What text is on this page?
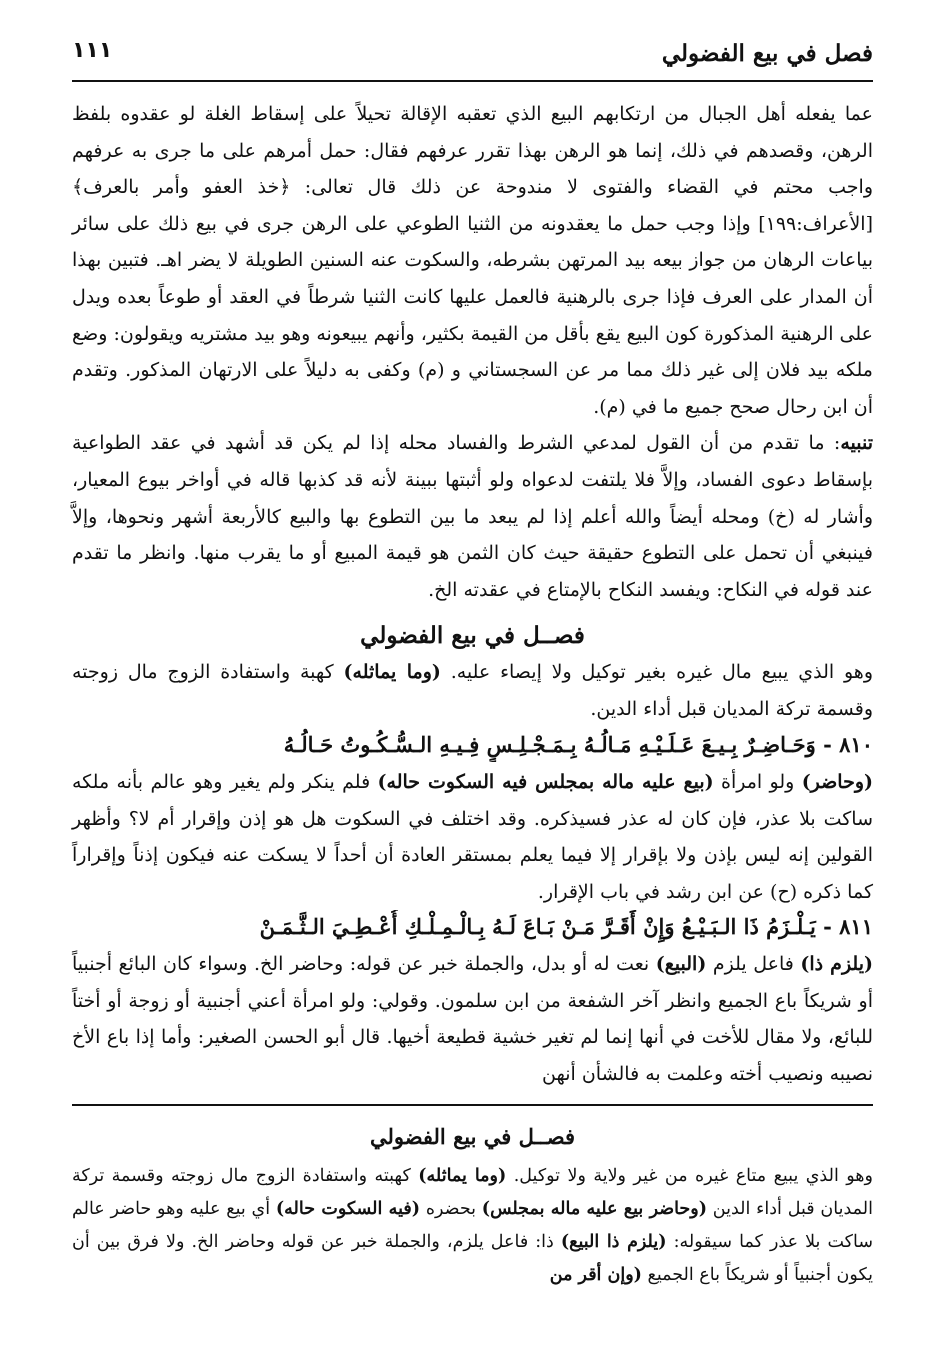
فصل في بيع الفضولي
١١١

عما يفعله أهل الجبال من ارتكابهم البيع الذي تعقبه الإقالة تحيلاً على إسقاط الغلة لو عقدوه بلفظ الرهن، وقصدهم في ذلك، إنما هو الرهن بهذا تقرر عرفهم فقال: حمل أمرهم على ما جرى به عرفهم واجب محتم في القضاء والفتوى لا مندوحة عن ذلك قال تعالى: ﴿خذ العفو وأمر بالعرف﴾ [الأعراف:١٩٩] وإذا وجب حمل ما يعقدونه من الثنيا الطوعي على الرهن جرى في بيع ذلك على سائر بياعات الرهان من جواز بيعه بيد المرتهن بشرطه، والسكوت عنه السنين الطويلة لا يضر اهـ. فتبين بهذا أن المدار على العرف فإذا جرى بالرهنية فالعمل عليها كانت الثنيا شرطاً في العقد أو طوعاً بعده ويدل على الرهنية المذكورة كون البيع يقع بأقل من القيمة بكثير، وأنهم يبيعونه وهو بيد مشتريه ويقولون: وضع ملكه بيد فلان إلى غير ذلك مما مر عن السجستاني و (م) وكفى به دليلاً على الارتهان المذكور. وتقدم أن ابن رحال صحح جميع ما في (م).

تنبيه: ما تقدم من أن القول لمدعي الشرط والفساد محله إذا لم يكن قد أشهد في عقد الطواعية بإسقاط دعوى الفساد، وإلاَّ فلا يلتفت لدعواه ولو أثبتها ببينة لأنه قد كذبها قاله في أواخر بيوع المعيار، وأشار له (خ) ومحله أيضاً والله أعلم إذا لم يبعد ما بين التطوع بها والبيع كالأربعة أشهر ونحوها، وإلاَّ فينبغي أن تحمل على التطوع حقيقة حيث كان الثمن هو قيمة المبيع أو ما يقرب منها. وانظر ما تقدم عند قوله في النكاح: ويفسد النكاح بالإمتاع في عقدته الخ.

فصــل في بيع الفضولي

وهو الذي يبيع مال غيره بغير توكيل ولا إيصاء عليه. (وما يماثله) كهبة واستفادة الزوج مال زوجته وقسمة تركة المديان قبل أداء الدين.

٨١٠ - وَحَـاضِـرٌ بِـيـعَ عَـلَـيْـهِ مَـالُـهُ بِـمَـجْـلِـسٍ فِـيـهِ الـسُّـكُـوتُ حَـالُـهُ

(وحاضر) ولو امرأة (بيع عليه ماله بمجلس فيه السكوت حاله) فلم ينكر ولم يغير وهو عالم بأنه ملكه ساكت بلا عذر، فإن كان له عذر فسيذكره. وقد اختلف في السكوت هل هو إذن وإقرار أم لا؟ وأظهر القولين إنه ليس بإذن ولا بإقرار إلا فيما يعلم بمستقر العادة أن أحداً لا يسكت عنه فيكون إذناً وإقراراً كما ذكره (ح) عن ابن رشد في باب الإقرار.

٨١١ - يَـلْـزَمُ ذَا الـبَـيْـعُ وَإِنْ أَقَـرَّ مَـنْ بَـاعَ لَـهُ بِـالْـمِـلْـكِ أُعْـطِـيَ الـثَّـمَـنْ

(يلزم ذا) فاعل يلزم (البيع) نعت له أو بدل، والجملة خبر عن قوله: وحاضر الخ. وسواء كان البائع أجنبياً أو شريكاً باع الجميع وانظر آخر الشفعة من ابن سلمون. وقولي: ولو امرأة أعني أجنبية أو زوجة أو أختاً للبائع، ولا مقال للأخت في أنها إنما لم تغير خشية قطيعة أخيها. قال أبو الحسن الصغير: وأما إذا باع الأخ نصيبه ونصيب أخته وعلمت به فالشأن أنهن

فصــل في بيع الفضولي

وهو الذي يبيع متاع غيره من غير ولاية ولا توكيل. (وما يماثله) كهبته واستفادة الزوج مال زوجته وقسمة تركة المديان قبل أداء الدين (وحاضر بيع عليه ماله بمجلس) بحضره (فيه السكوت حاله) أي بيع عليه وهو حاضر عالم ساكت بلا عذر كما سيقوله: (يلزم ذا البيع) ذا: فاعل يلزم، والجملة خبر عن قوله وحاضر الخ. ولا فرق بين أن يكون أجنبياً أو شريكاً باع الجميع (وإن أقر من
